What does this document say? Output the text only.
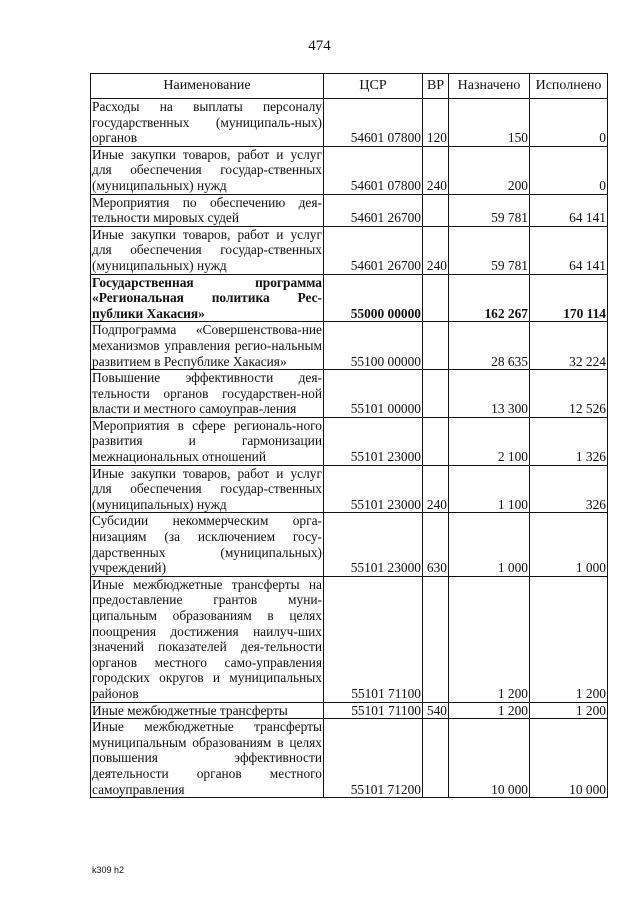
474
Наименование	ЦСР	ВР	Назначено	Исполнено
Расходы на выплаты персоналу государственных (муниципаль-ных) органов	54601 07800	120	150	0
Иные закупки товаров, работ и услуг для обеспечения государ-ственных (муниципальных) нужд	54601 07800	240	200	0
Мероприятия по обеспечению дея-тельности мировых судей	54601 26700		59 781	64 141
Иные закупки товаров, работ и услуг для обеспечения государ-ственных (муниципальных) нужд	54601 26700	240	59 781	64 141
Государственная программа «Региональная политика Рес-публики Хакасия»	55000 00000		162 267	170 114
Подпрограмма «Совершенствова-ние механизмов управления регио-нальным развитием в Республике Хакасия»	55100 00000		28 635	32 224
Повышение эффективности дея-тельности органов государствен-ной власти и местного самоуправ-ления	55101 00000		13 300	12 526
Мероприятия в сфере региональ-ного развития и гармонизации межнациональных отношений	55101 23000		2 100	1 326
Иные закупки товаров, работ и услуг для обеспечения государ-ственных (муниципальных) нужд	55101 23000	240	1 100	326
Субсидии некоммерческим орга-низациям (за исключением госу-дарственных (муниципальных) учреждений)	55101 23000	630	1 000	1 000
Иные межбюджетные трансферты на предоставление грантов муни-ципальным образованиям в целях поощрения достижения наилуч-ших значений показателей дея-тельности органов местного само-управления городских округов и муниципальных районов	55101 71100		1 200	1 200
Иные межбюджетные трансферты	55101 71100	540	1 200	1 200
Иные межбюджетные трансферты муниципальным образованиям в целях повышения эффективности деятельности органов местного самоуправления	55101 71200		10 000	10 000
k309 h2
